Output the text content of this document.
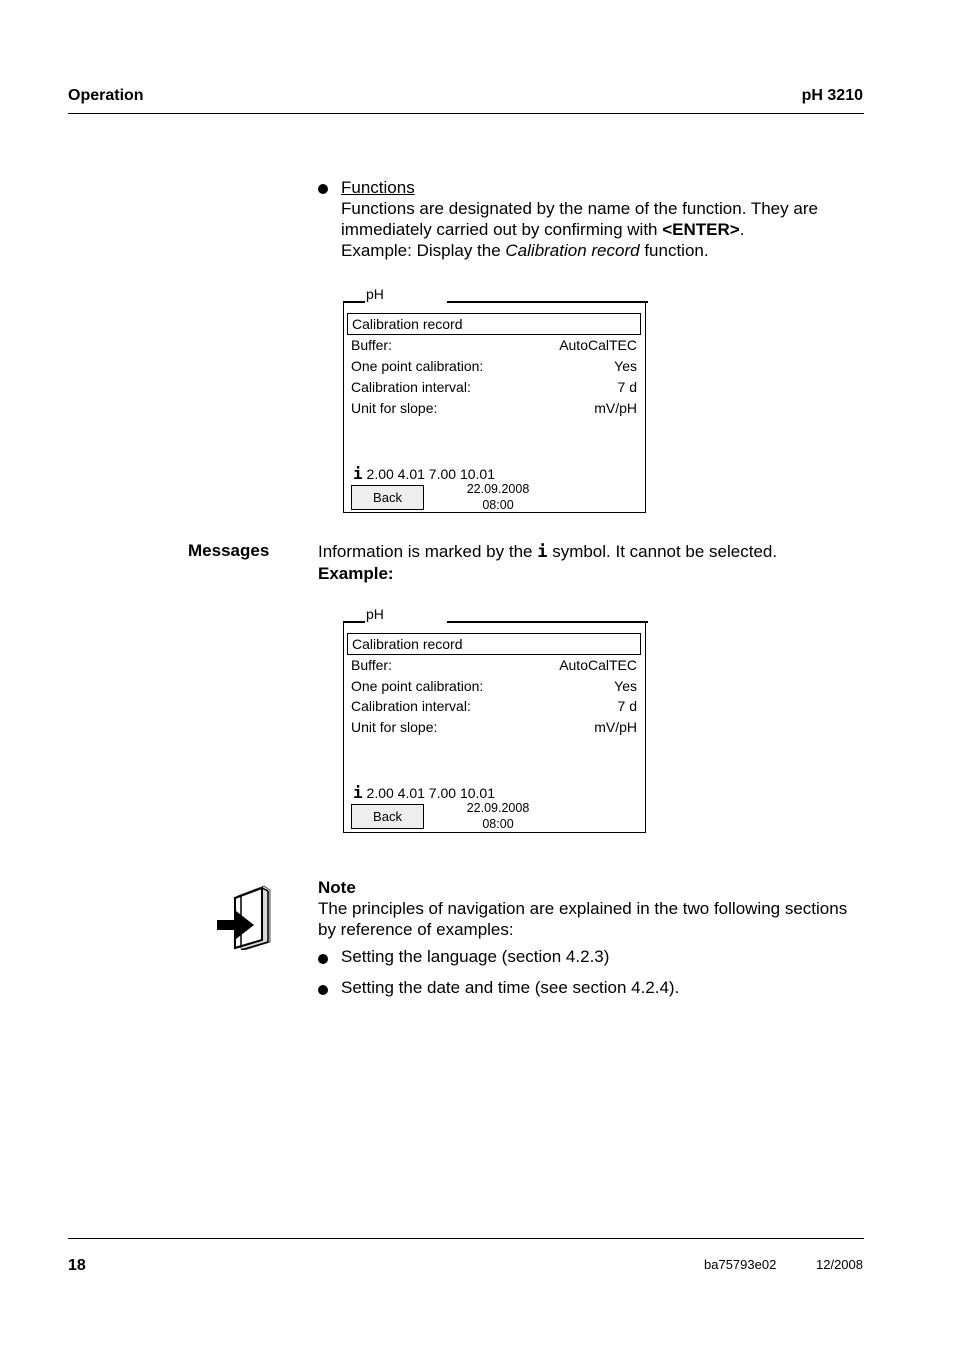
Operation	pH 3210
Functions
Functions are designated by the name of the function. They are
immediately carried out by confirming with <ENTER>.
Example: Display the Calibration record function.
pH
Calibration record
Buffer:	AutoCalTEC
One point calibration:	Yes
Calibration interval:	7 d
Unit for slope:	mV/pH
i 2.00 4.01 7.00 10.01
Back
22.09.2008
08:00
Messages	Information is marked by the i symbol. It cannot be selected.
Example:
pH
Calibration record
Buffer:	AutoCalTEC
One point calibration:	Yes
Calibration interval:	7 d
Unit for slope:	mV/pH
i 2.00 4.01 7.00 10.01
Back
22.09.2008
08:00
Note
The principles of navigation are explained in the two following sections
by reference of examples:
Setting the language (section 4.2.3)
Setting the date and time (see section 4.2.4).
18	ba75793e02	12/2008
